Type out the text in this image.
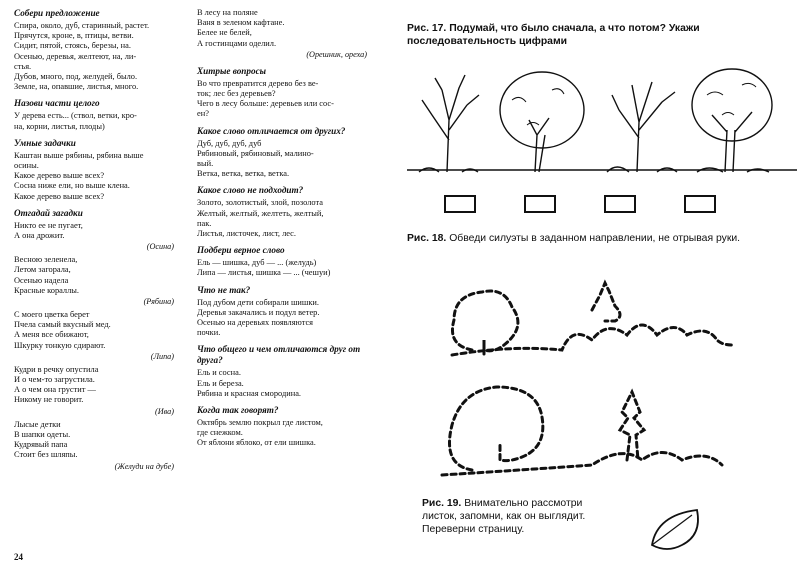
Собери предложение
Спира, около, дуб, старинный, растет.
Прячутся, кроне, в, птицы, ветви.
Сидит, пятой, стоясь, березы, на.
Осенью, деревья, желтеют, на, ли-
стья.
Дубов, много, под, желудей, было.
Земле, на, опавшие, листья, много.
Назови части целого
У дерева есть... (ствол, ветки, кро-
на, корни, листья, плоды)
Умные задачки
Каштан выше рябины, рябина выше
осины.
Какое дерево выше всех?
Сосна ниже ели, но выше клена.
Какое дерево выше всех?
Отгадай загадки
Никто ее не пугает,
А она дрожит.
(Осина)
Весною зеленела,
Летом загорала,
Осенью надела
Красные кораллы.
(Рябина)
С моего цветка берет
Пчела самый вкусный мед.
А меня все обижают,
Шкурку тонкую сдирают.
(Липа)
Кудри в речку опустила
И о чем-то загрустила.
А о чем она грустит —
Никому не говорит.
(Ива)
Лысые детки
В шапки одеты.
Кудрявый папа
Стоит без шляпы.
(Желуди на дубе)
В лесу на поляне
Ваня в зеленом кафтане.
Белее не белей,
А гостинцами оделил.
(Орешник, ореха)
Хитрые вопросы
Во что превратится дерево без ве-
ток; лес без деревьев?
Чего в лесу больше: деревьев или сос-
ен?
Какое слово отличается от других?
Дуб, дуб, дуб, дуб
Рябиновый, рябиновый, малино-
вый.
Ветка, ветка, ветка, ветка.
Какое слово не подходит?
Золото, золотистый, злой, позолота
Желтый, желтый, желтеть, желтый,
пак.
Листья, листочек, лист, лес.
Подбери верное слово
Ель — шишка, дуб — ... (желудь)
Липа — листья, шишка — ... (чешуи)
Что не так?
Под дубом дети собирали шишки.
Деревья закачались и подул ветер.
Осенью на деревьях появляются
почки.
Что общего и чем отличаются друг от друга?
Ель и сосна.
Ель и береза.
Рябина и красная смородина.
Когда так говорят?
Октябрь землю покрыл где листом,
где снежком.
От яблони яблоко, от ели шишка.
24
Рис. 17. Подумай, что было сначала, а что потом? Укажи последовательность цифрами
Рис. 18. Обведи силуэты в заданном направлении, не отрывая руки.
Рис. 19. Внимательно рассмотри листок, запомни, как он выглядит. Переверни страницу.
